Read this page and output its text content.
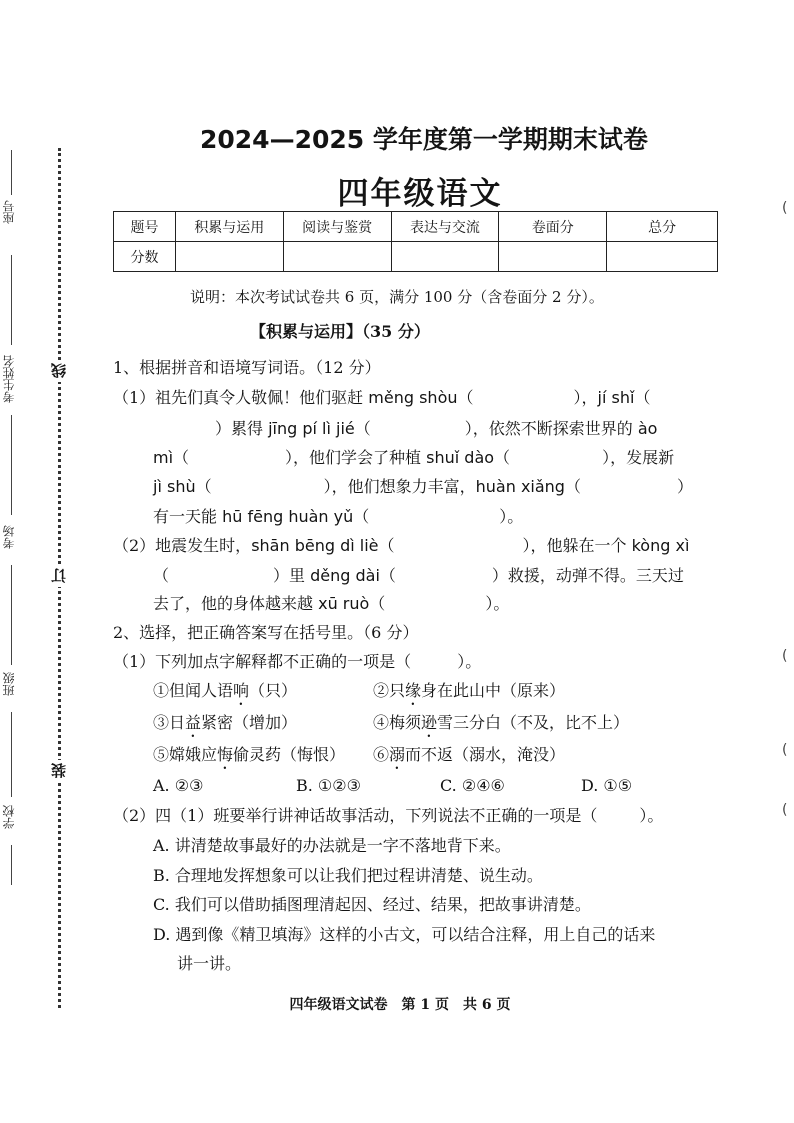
座号
考生姓名
考场
班级
学校
线
订
装
(
(
(
(
2024—2025 学年度第一学期期末试卷
四年级语文
题号	积累与运用	阅读与鉴赏	表达与交流	卷面分	总分
分数					
说明：本次考试试卷共 6 页，满分 100 分（含卷面分 2 分）。
【积累与运用】（35 分）
1、根据拼音和语境写词语。（12 分）
（1）祖先们真令人敬佩！他们驱赶 měng shòu（	），jí shǐ（
）累得 jīng pí lì jié（	），依然不断探索世界的 ào
mì（	），他们学会了种植 shuǐ dào（	），发展新
jì shù（	），他们想象力丰富，huàn xiǎng（	）
有一天能 hū fēng huàn yǔ（	）。
（2）地震发生时，shān bēng dì liè（	），他躲在一个 kòng xì
（	）里 děng dài（	）救援，动弹不得。三天过
去了，他的身体越来越 xū ruò（	）。
2、选择，把正确答案写在括号里。（6 分）
（1）下列加点字解释都不正确的一项是（	）。
①但闻人语响（只）	②只缘身在此山中（原来）
③日益紧密（增加）	④梅须逊雪三分白（不及，比不上）
⑤嫦娥应悔偷灵药（悔恨） ⑥溺而不返（溺水，淹没）
A. ②③	B. ①②③	C. ②④⑥	D. ①⑤
（2）四（1）班要举行讲神话故事活动，下列说法不正确的一项是（	）。
A. 讲清楚故事最好的办法就是一字不落地背下来。
B. 合理地发挥想象可以让我们把过程讲清楚、说生动。
C. 我们可以借助插图理清起因、经过、结果，把故事讲清楚。
D. 遇到像《精卫填海》这样的小古文，可以结合注释，用上自己的话来
讲一讲。
四年级语文试卷　第 1 页　共 6 页
